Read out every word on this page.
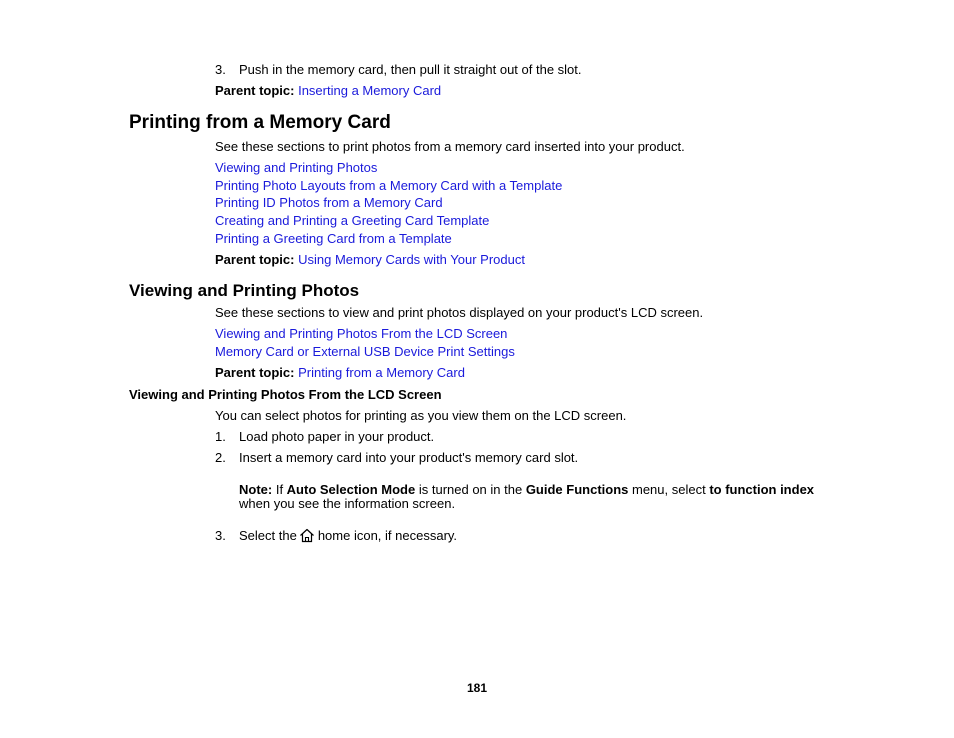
3. Push in the memory card, then pull it straight out of the slot.
Parent topic: Inserting a Memory Card
Printing from a Memory Card
See these sections to print photos from a memory card inserted into your product.
Viewing and Printing Photos
Printing Photo Layouts from a Memory Card with a Template
Printing ID Photos from a Memory Card
Creating and Printing a Greeting Card Template
Printing a Greeting Card from a Template
Parent topic: Using Memory Cards with Your Product
Viewing and Printing Photos
See these sections to view and print photos displayed on your product's LCD screen.
Viewing and Printing Photos From the LCD Screen
Memory Card or External USB Device Print Settings
Parent topic: Printing from a Memory Card
Viewing and Printing Photos From the LCD Screen
You can select photos for printing as you view them on the LCD screen.
1. Load photo paper in your product.
2. Insert a memory card into your product's memory card slot.
Note: If Auto Selection Mode is turned on in the Guide Functions menu, select to function index
when you see the information screen.
3. Select the home icon, if necessary.
181
